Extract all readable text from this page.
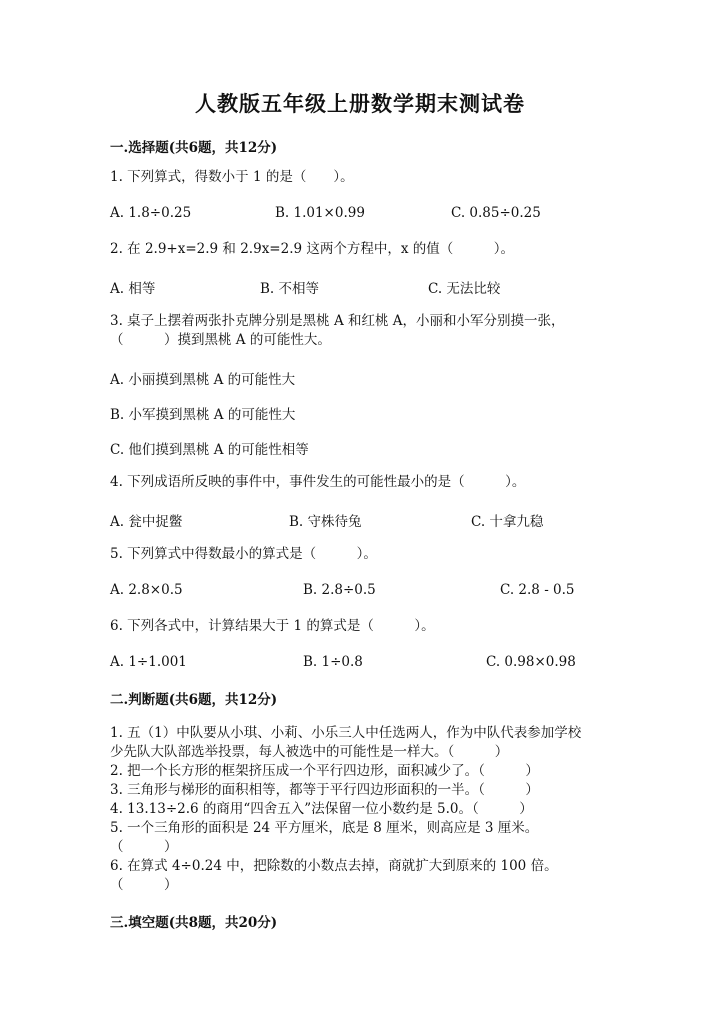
人教版五年级上册数学期末测试卷
一.选择题(共6题，共12分)
1. 下列算式，得数小于 1 的是（　　）。
A. 1.8÷0.25	B. 1.01×0.99	C. 0.85÷0.25
2. 在 2.9+x=2.9 和 2.9x=2.9 这两个方程中，x 的值（　　　）。
A. 相等	B. 不相等	C. 无法比较
3. 桌子上摆着两张扑克牌分别是黑桃 A 和红桃 A，小丽和小军分别摸一张，
（　　　）摸到黑桃 A 的可能性大。
A. 小丽摸到黑桃 A 的可能性大
B. 小军摸到黑桃 A 的可能性大
C. 他们摸到黑桃 A 的可能性相等
4. 下列成语所反映的事件中，事件发生的可能性最小的是（　　　）。
A. 瓮中捉鳖	B. 守株待兔	C. 十拿九稳
5. 下列算式中得数最小的算式是（　　　）。
A. 2.8×0.5	B. 2.8÷0.5	C. 2.8 - 0.5
6. 下列各式中，计算结果大于 1 的算式是（　　　）。
A. 1÷1.001	B. 1÷0.8	C. 0.98×0.98
二.判断题(共6题，共12分)
1. 五（1）中队要从小琪、小莉、小乐三人中任选两人，作为中队代表参加学校
少先队大队部选举投票，每人被选中的可能性是一样大。（　　　）
2. 把一个长方形的框架挤压成一个平行四边形，面积减少了。（　　　）
3. 三角形与梯形的面积相等，都等于平行四边形面积的一半。（　　　）
4. 13.13÷2.6 的商用“四舍五入”法保留一位小数约是 5.0。（　　　）
5. 一个三角形的面积是 24 平方厘米，底是 8 厘米，则高应是 3 厘米。
（　　　）
6. 在算式 4÷0.24 中，把除数的小数点去掉，商就扩大到原来的 100 倍。
（　　　）
三.填空题(共8题，共20分)
